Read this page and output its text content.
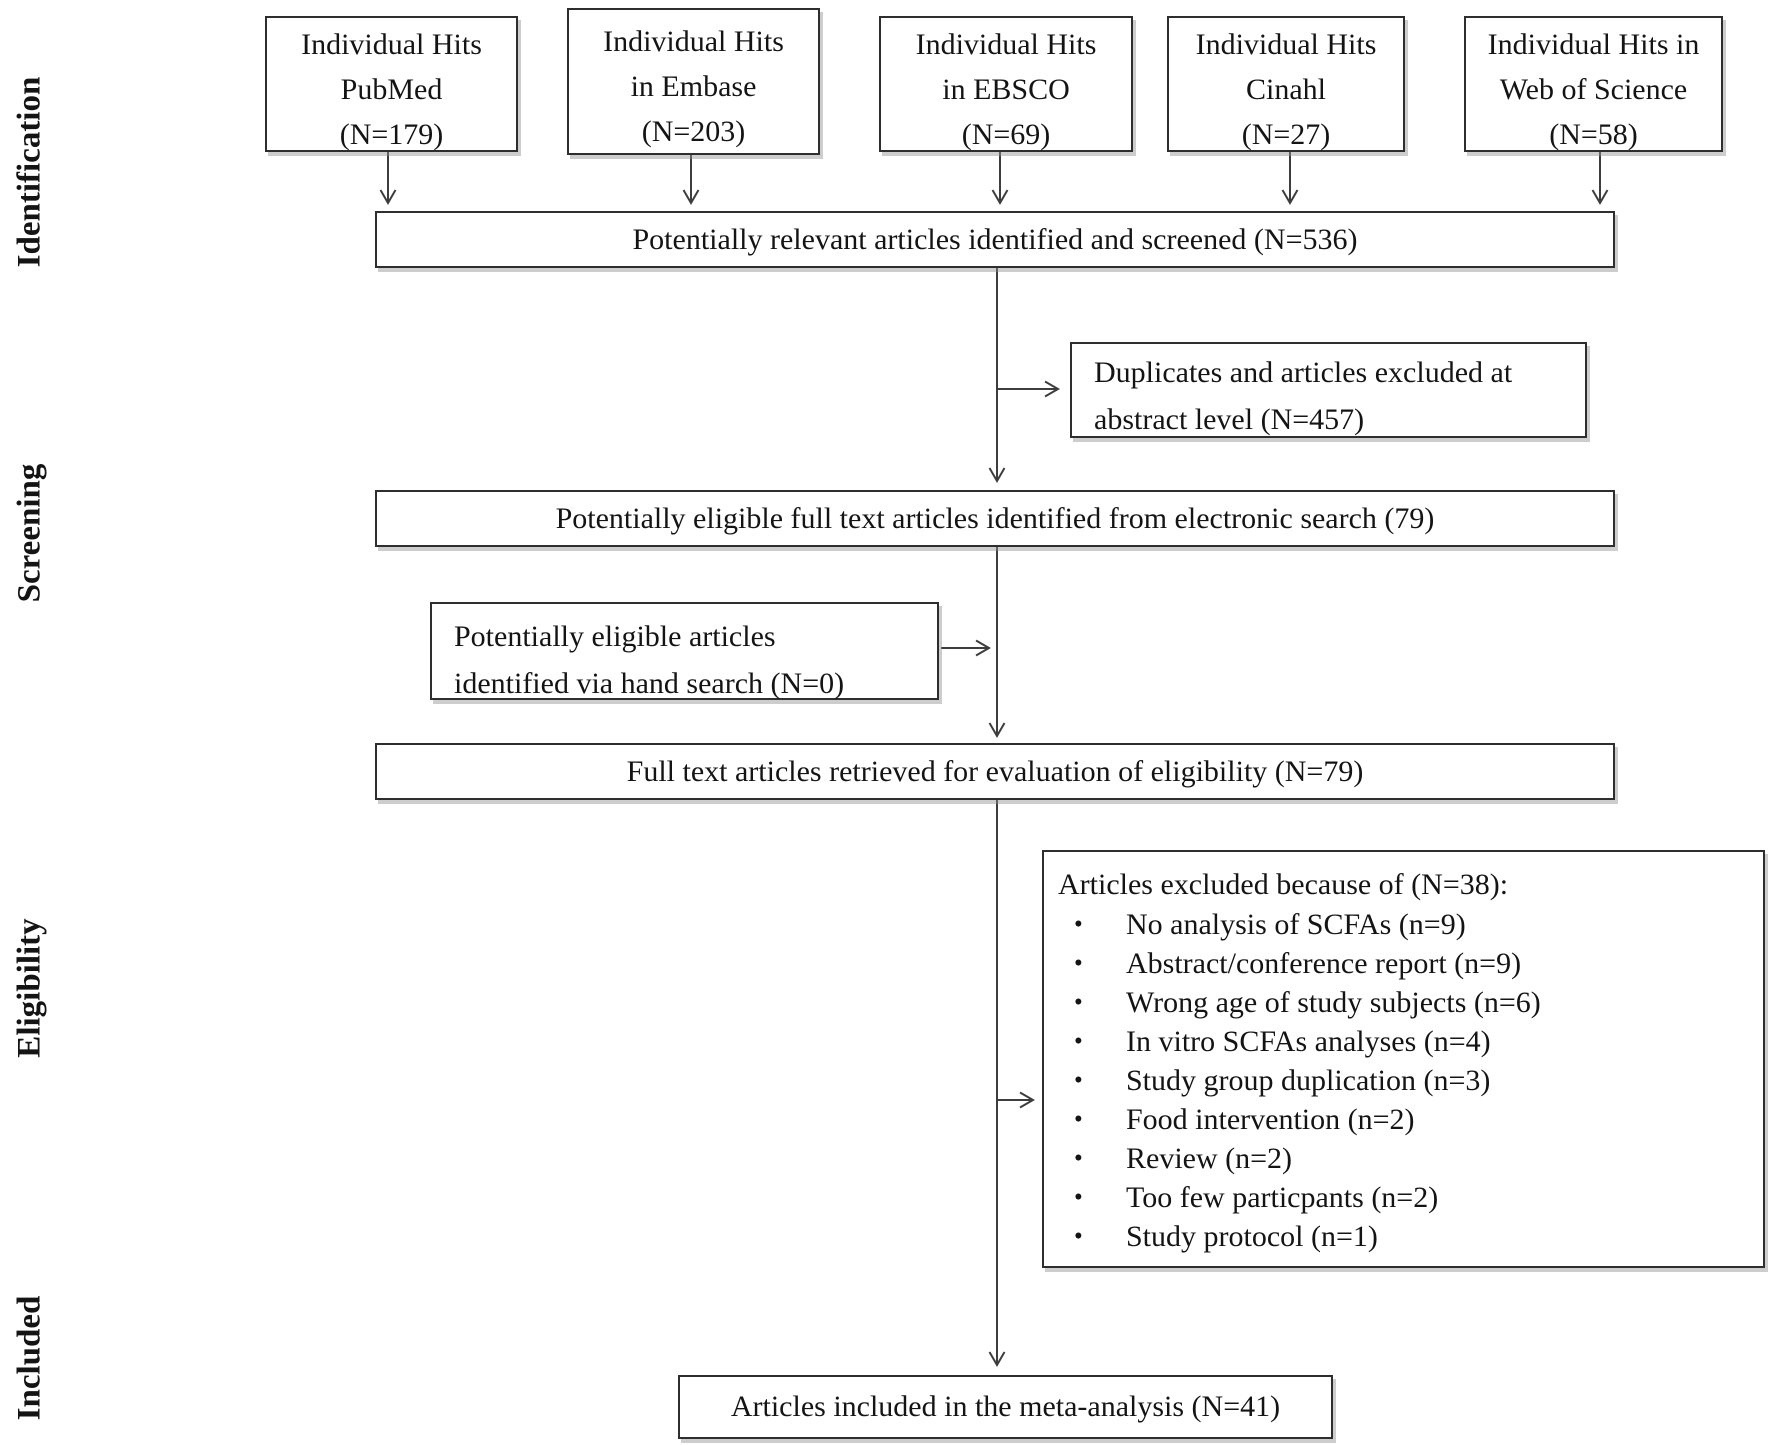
Identification
Screening
Eligibility
Included
Individual Hits
PubMed
(N=179)
Individual Hits
in Embase
(N=203)
Individual Hits
in EBSCO
(N=69)
Individual Hits
Cinahl
(N=27)
Individual Hits in
Web of Science
(N=58)
Potentially relevant articles identified and screened (N=536)
Duplicates and articles excluded at
abstract level (N=457)
Potentially eligible full text articles identified from electronic search (79)
Potentially eligible articles
identified via hand search (N=0)
Full text articles retrieved for evaluation of eligibility (N=79)
Articles excluded because of (N=38):
•	No analysis of SCFAs (n=9)
•	Abstract/conference report (n=9)
•	Wrong age of study subjects (n=6)
•	In vitro SCFAs analyses (n=4)
•	Study group duplication (n=3)
•	Food intervention (n=2)
•	Review (n=2)
•	Too few particpants (n=2)
•	Study protocol (n=1)
Articles included in the meta-analysis (N=41)
